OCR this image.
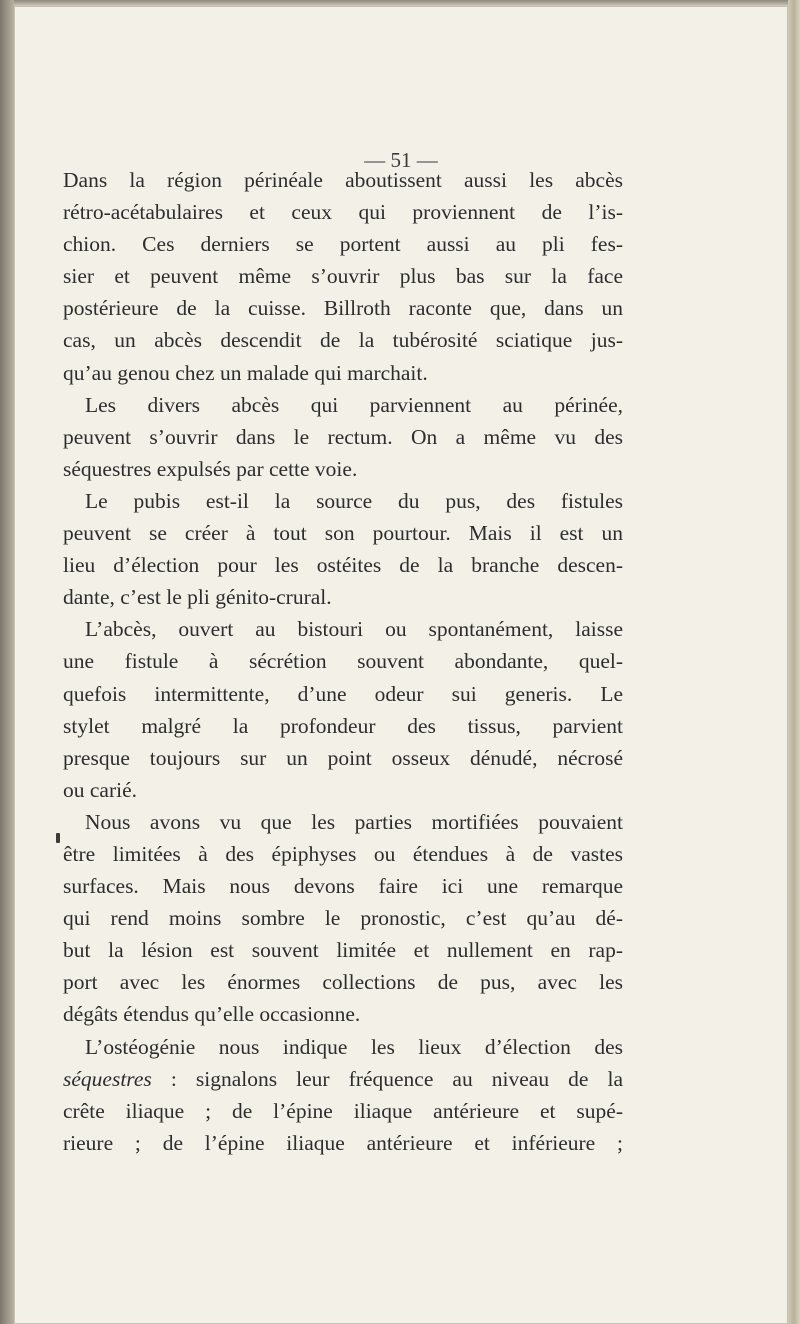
— 51 —
Dans la région périnéale aboutissent aussi les abcès
rétro-acétabulaires et ceux qui proviennent de l’is-
chion. Ces derniers se portent aussi au pli fes-
sier et peuvent même s’ouvrir plus bas sur la face
postérieure de la cuisse. Billroth raconte que, dans un
cas, un abcès descendit de la tubérosité sciatique jus-
qu’au genou chez un malade qui marchait.
Les divers abcès qui parviennent au périnée,
peuvent s’ouvrir dans le rectum. On a même vu des
séquestres expulsés par cette voie.
Le pubis est-il la source du pus, des fistules
peuvent se créer à tout son pourtour. Mais il est un
lieu d’élection pour les ostéites de la branche descen-
dante, c’est le pli génito-crural.
L’abcès, ouvert au bistouri ou spontanément, laisse
une fistule à sécrétion souvent abondante, quel-
quefois intermittente, d’une odeur sui generis. Le
stylet malgré la profondeur des tissus, parvient
presque toujours sur un point osseux dénudé, nécrosé
ou carié.
Nous avons vu que les parties mortifiées pouvaient
être limitées à des épiphyses ou étendues à de vastes
surfaces. Mais nous devons faire ici une remarque
qui rend moins sombre le pronostic, c’est qu’au dé-
but la lésion est souvent limitée et nullement en rap-
port avec les énormes collections de pus, avec les
dégâts étendus qu’elle occasionne.
L’ostéogénie nous indique les lieux d’élection des
séquestres : signalons leur fréquence au niveau de la
crête iliaque ; de l’épine iliaque antérieure et supé-
rieure ; de l’épine iliaque antérieure et inférieure ;
